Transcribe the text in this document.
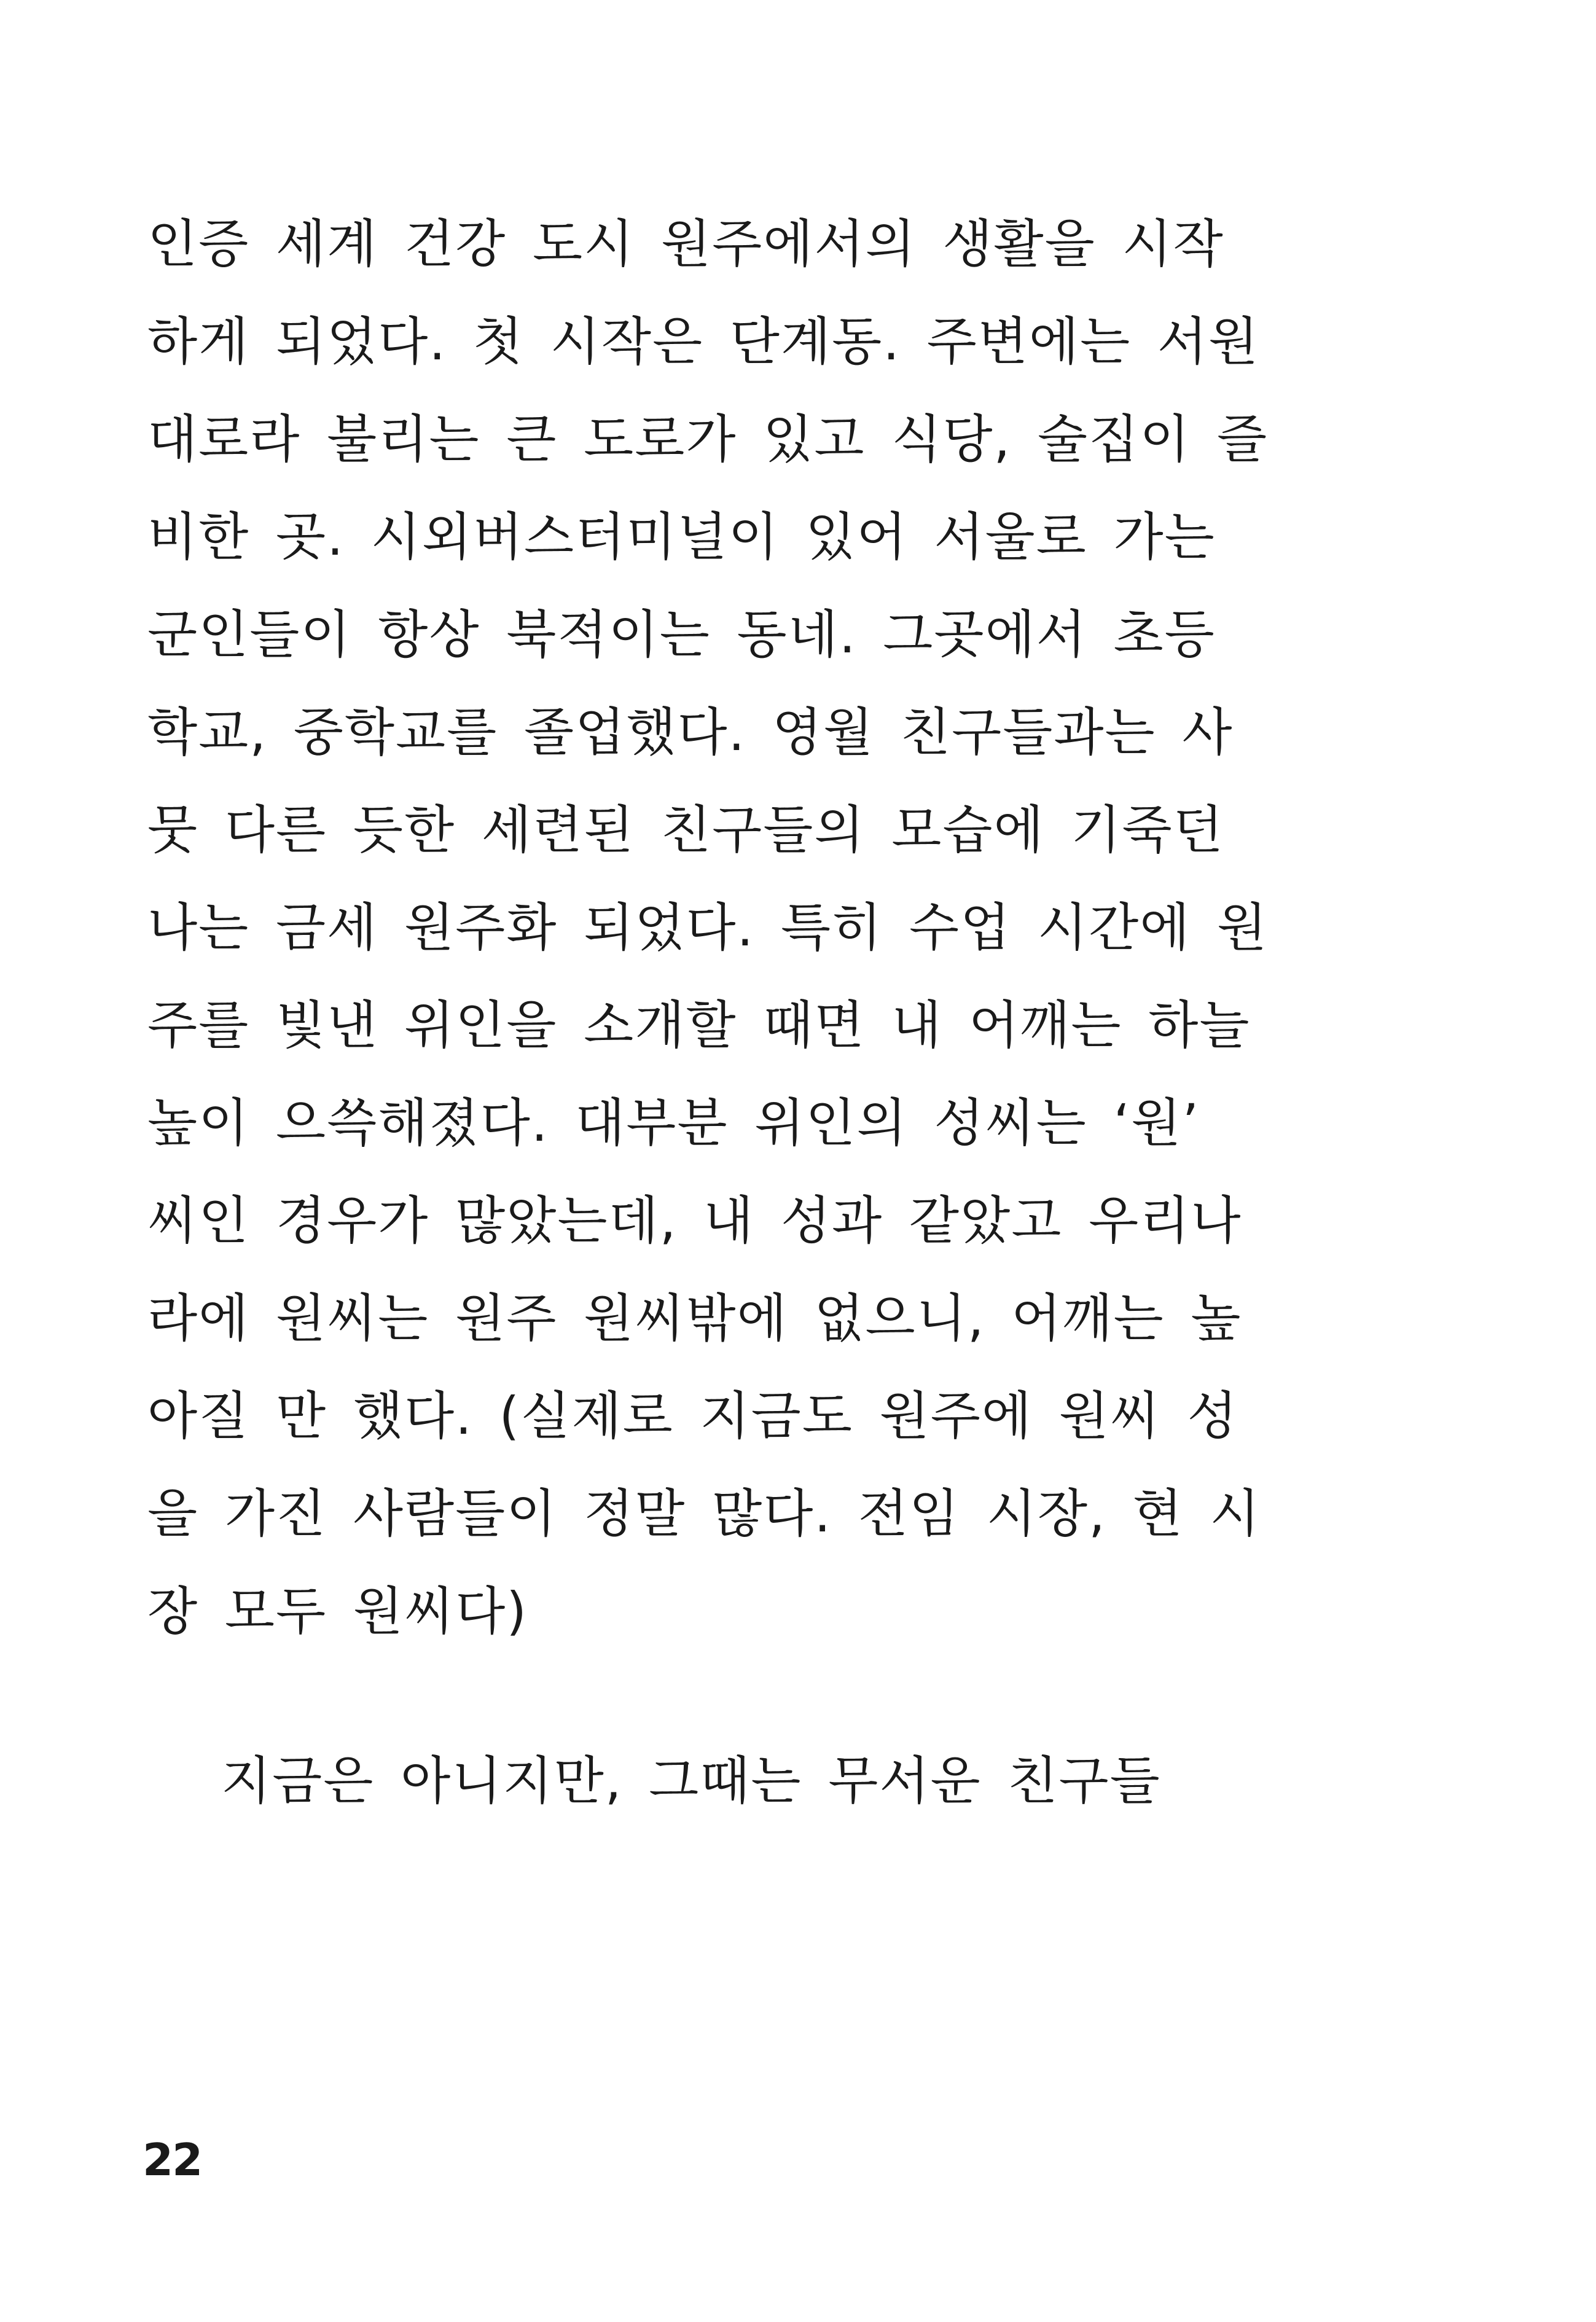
인증 세계 건강 도시 원주에서의 생활을 시작
하게 되었다. 첫 시작은 단계동. 주변에는 서원
대로라 불리는 큰 도로가 있고 식당, 술집이 즐
비한 곳. 시외버스터미널이 있어 서울로 가는
군인들이 항상 북적이는 동네. 그곳에서 초등
학교, 중학교를 졸업했다. 영월 친구들과는 사
뭇 다른 듯한 세련된 친구들의 모습에 기죽던
나는 금세 원주화 되었다. 특히 수업 시간에 원
주를 빛낸 위인을 소개할 때면 내 어깨는 하늘
높이 으쓱해졌다. 대부분 위인의 성씨는 ‘원’
씨인 경우가 많았는데, 내 성과 같았고 우리나
라에 원씨는 원주 원씨밖에 없으니, 어깨는 높
아질 만 했다. (실제로 지금도 원주에 원씨 성
을 가진 사람들이 정말 많다. 전임 시장, 현 시
장 모두 원씨다)
지금은 아니지만, 그때는 무서운 친구들
22
